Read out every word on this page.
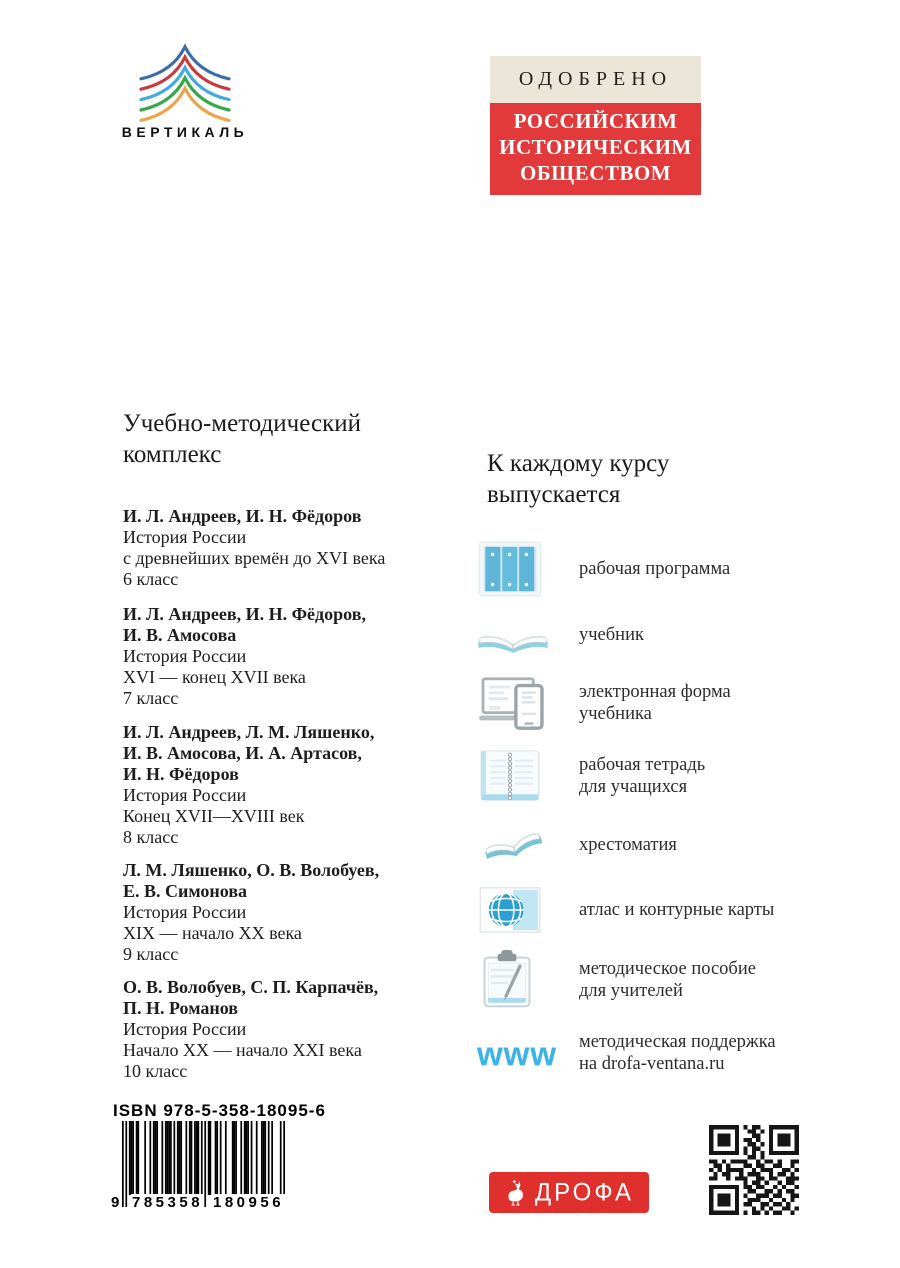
ВЕРТИКАЛЬ
ОДОБРЕНО
РОССИЙСКИМ
ИСТОРИЧЕСКИМ
ОБЩЕСТВОМ
Учебно-методический
комплекс
И. Л. Андреев, И. Н. Фёдоров
История России
с древнейших времён до XVI века
6 класс
И. Л. Андреев, И. Н. Фёдоров,
И. В. Амосова
История России
XVI — конец XVII века
7 класс
И. Л. Андреев, Л. М. Ляшенко,
И. В. Амосова, И. А. Артасов,
И. Н. Фёдоров
История России
Конец XVII—XVIII век
8 класс
Л. М. Ляшенко, О. В. Волобуев,
Е. В. Симонова
История России
XIX — начало XX века
9 класс
О. В. Волобуев, С. П. Карпачёв,
П. Н. Романов
История России
Начало XX — начало XXI века
10 класс
К каждому курсу
выпускается
рабочая программа
учебник
электронная форма
учебника
рабочая тетрадь
для учащихся
хрестоматия
атлас и контурные карты
методическое пособие
для учителей
www методическая поддержка
на drofa-ventana.ru
ISBN 978-5-358-18095-6
9 785358 180956	ДРОФА
